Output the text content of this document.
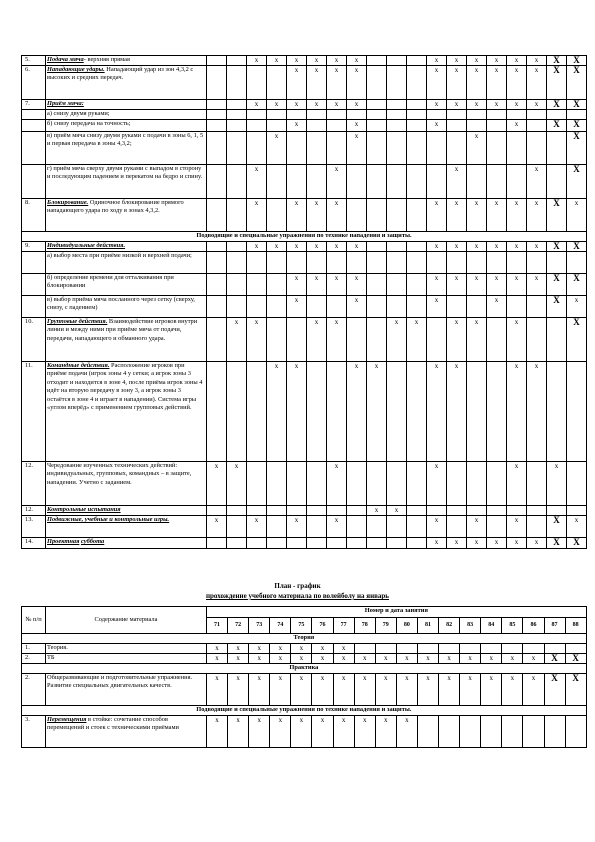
5.	Подача мяча- верхняя прямая			x	x	x	x	x	x				x	x	x	x	x	x	X	X
6.	Нападающие удары. Нападающий удар из зон 4,3,2 с высоких и средних передач.					x	x	x	x				x	x	x	x	x	x	X	X
7.	Приём мяча:			x	x	x	x	x	x				x	x	x	x	x	x	X	X
	а) снизу двумя руками;																			
	б) снизу передача на точность;					x			x				x				x		X	X
	в) приём мяча снизу двумя руками с подачи в зоны 6, 1, 5 и первая передача в зоны 4,3,2;				x				x						x					X
	г) приём мяча сверху двумя руками с выпадом в сторону и последующим падением и перекатом на бедро и спину.			x				x						x				x		X
8.	Блокирование. Одиночное блокирование прямого нападающего удара по ходу в зонах 4,3,2.			x		x	x	x					x	x	x	x	x	x	X	x
Подводящие и специальные упражнения по технике нападения и защиты.																				
9.	Индивидуальные действия.			x	x	x	x	x	x				x	x	x	x	x	x	X	X
	а) выбор места при приёме низкой и верхней подачи;																			
	б) определение времени для отталкивания при блокировании					x	x	x	x				x	x	x	x	x	x	X	X
	в) выбор приёма мяча посланного через сетку (сверху, снизу, с падением)					x			x				x			x			X	x
10.	Групповые действия. Взаимодействие игроков внутри линии и между ними при приёме мяча от подачи, передачи, нападающего и обманного удара.		x	x			x	x			x	x		x	x		x			X
11.	Командные действия. Расположение игроков при приёме подачи (игрок зоны 4 у сетки; а игрок зоны 3 отходит и находится в зоне 4, после приёма игрок зоны 4 идёт на вторую передачу в зону 3, а игрок зоны 3 остаётся в зоне 4 и играет в нападении). Система игры «углом вперёд» с применением групповых действий.				x	x			x	x			x	x			x	x		
12.	Чередование изученных технических действий: индивидуальных, групповых, командных – в защите, нападении. Учетно с заданием.	x	x					x					x				x		x	
12.	Контрольные испытания									x	x									
13.	Подвижные, учебные и контрольные игры.	x		x		x		x					x		x		x		X	x
14.	Проектная суббота												x	x	x	x	x	x	X	X
План - график
прохождение учебного материала по волейболу на январь
№ п/п	Содержание материала	Номер и дата занятия																	
		71	72	73	74	75	76	77	78	79	80	81	82	83	84	85	86	87	88
Теория																			
1.	Теория.	x	x	x	x	x	x	x											
2.	ТБ	x	x	x	x	x	x	x	x	x	x	x	x	x	x	x	x	X	X
Практика																			
2.	Общеразвивающие и подготовительные упражнения. Развитие специальных двигательных качеств.	x	x	x	x	x	x	x	x	x	x	x	x	x	x	x	x	X	X
Подводящие и специальные упражнения по технике нападения и защиты.																			
3.	Перемещения в стойке: сочетание способов перемещений и стоек с техническими приёмами	x	x	x	x	x	x	x	x	x	x								
